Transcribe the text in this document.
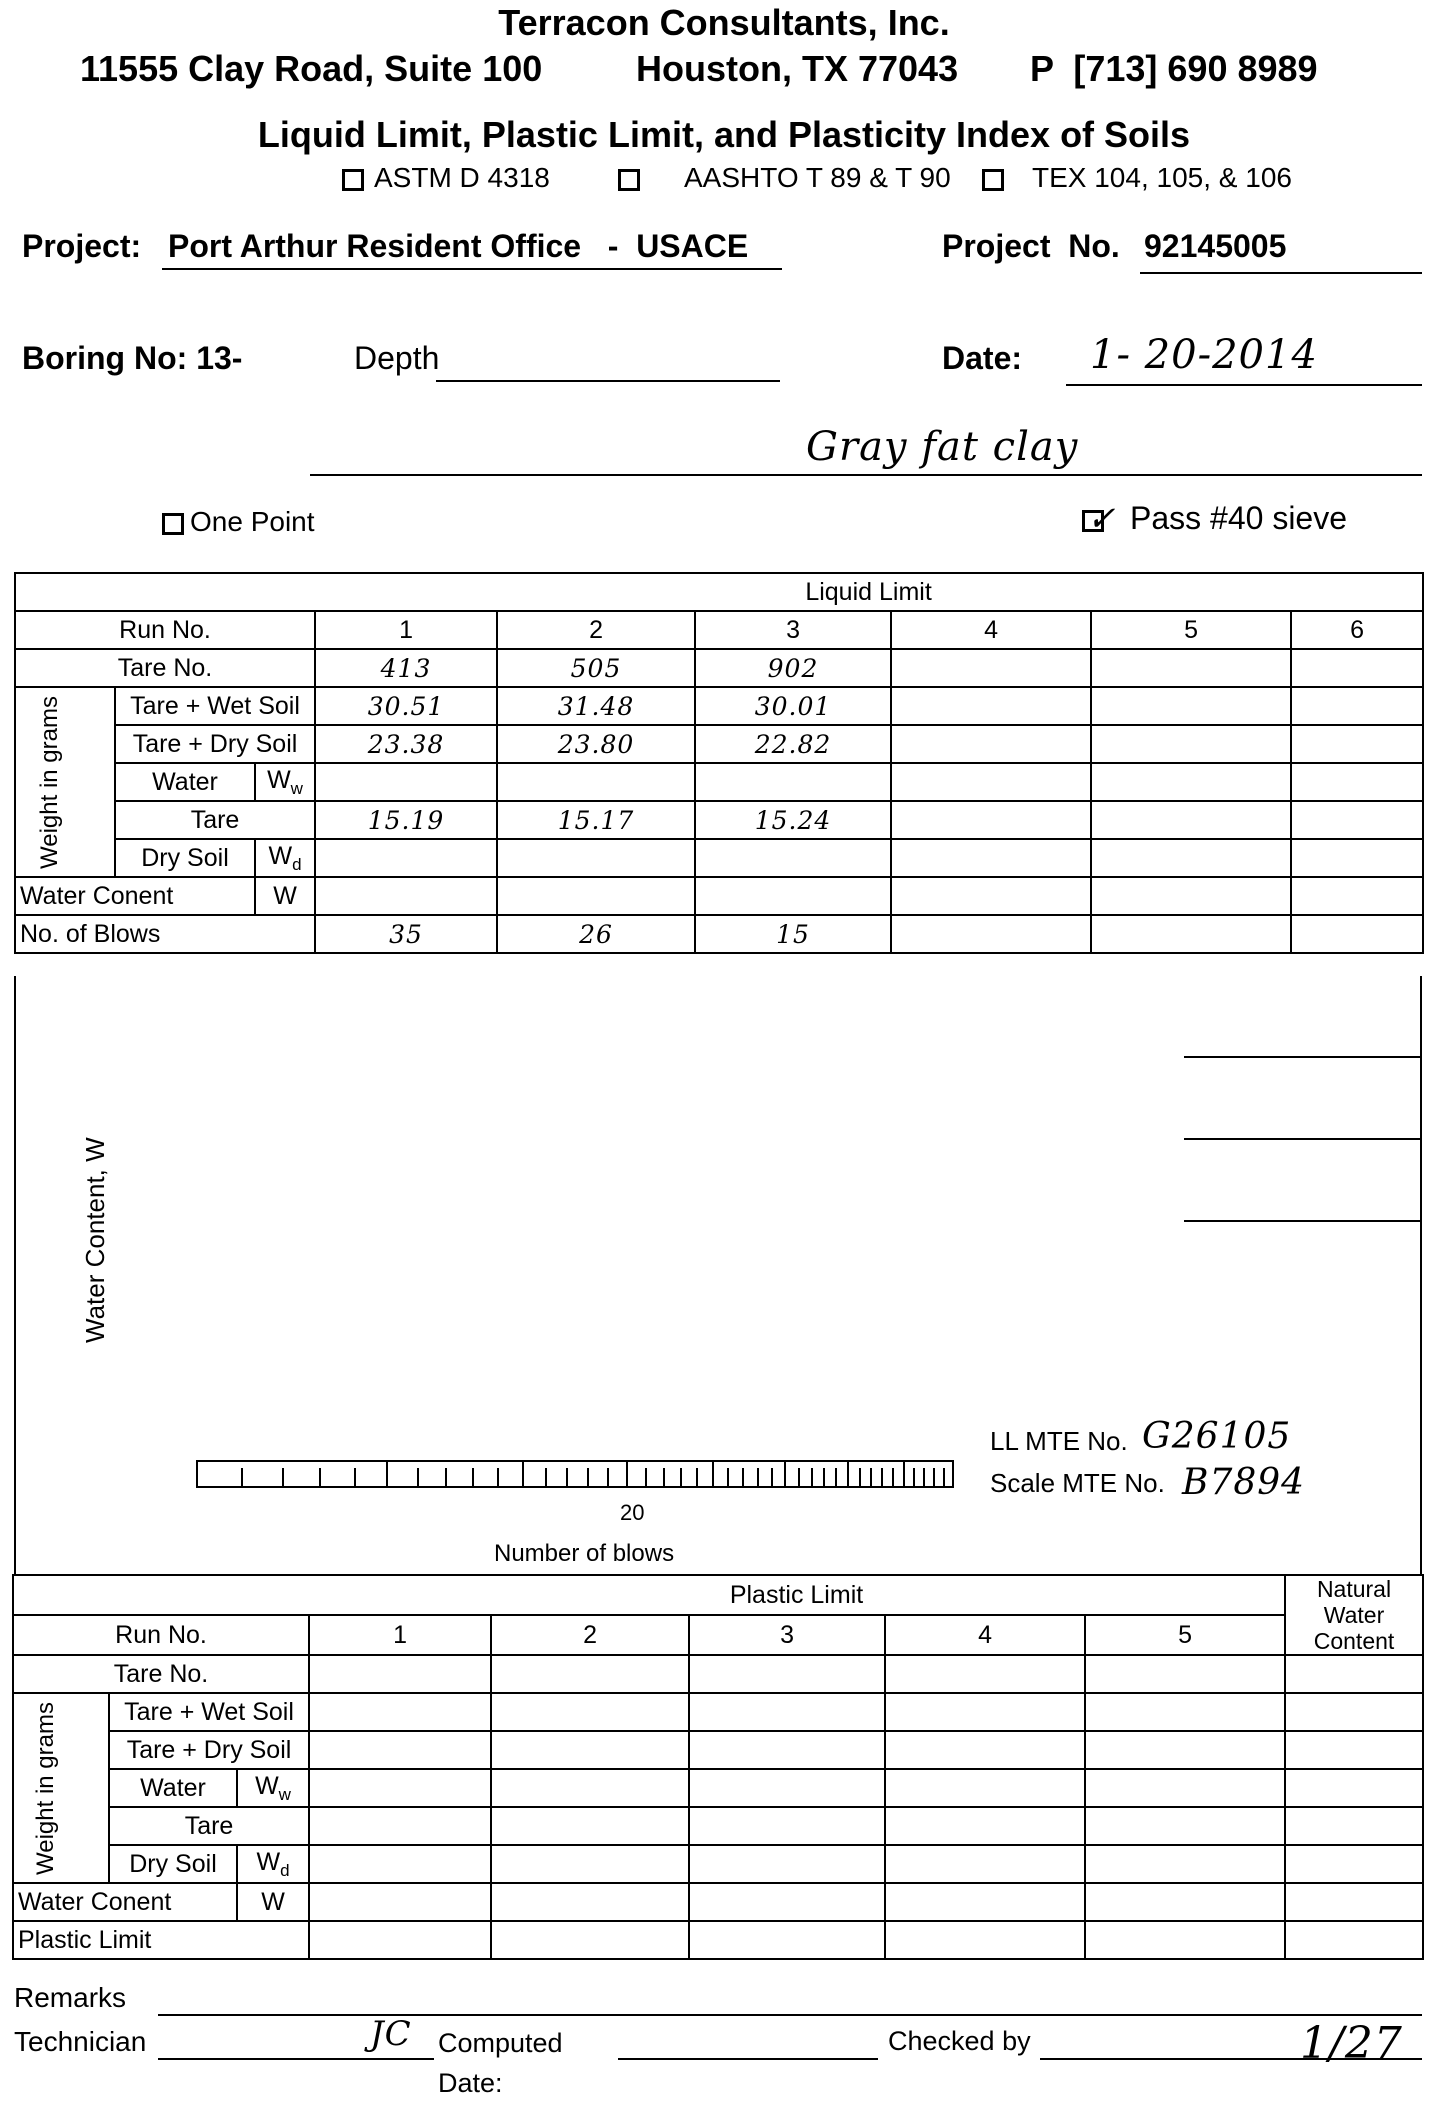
Terracon Consultants, Inc.
11555 Clay Road, Suite 100	Houston, TX 77043 P  [713] 690 8989
Liquid Limit, Plastic Limit, and Plasticity Index of Soils
ASTM D 4318	AASHTO T 89 & T 90	TEX 104, 105, & 106
Project: Port Arthur Resident Office   -  USACE	Project  No. 92145005
Boring No: 13-	Depth	Date: 1- 20-2014
Gray fat clay
One Point	✓ Pass #40 sieve
			Liquid Limit					
Run No.			1	2	3	4	5	6
Tare No.			413	505	902			

Weight in grams	Tare + Wet Soil		30.51	31.48	30.01			
	Tare + Dry Soil		23.38	23.80	22.82			
	Water	$W_w$						
	Tare		15.19	15.17	15.24			
	Dry Soil	$W_d$						
Water Conent		W						
No. of Blows			35	26	15			
Water Content, W
20
Number of blows
LL MTE No. G26105
Scale MTE No. B7894
			Plastic Limit					Natural Water Content
Run No.			1	2	3	4	5	
Tare No.								

Weight in grams	Tare + Wet Soil							
	Tare + Dry Soil							
	Water	$W_w$						
	Tare							
	Dry Soil	$W_d$						
Water Conent		W						
Plastic Limit								
Remarks
Technician	JC Computed
Date:
Checked by	1/27
